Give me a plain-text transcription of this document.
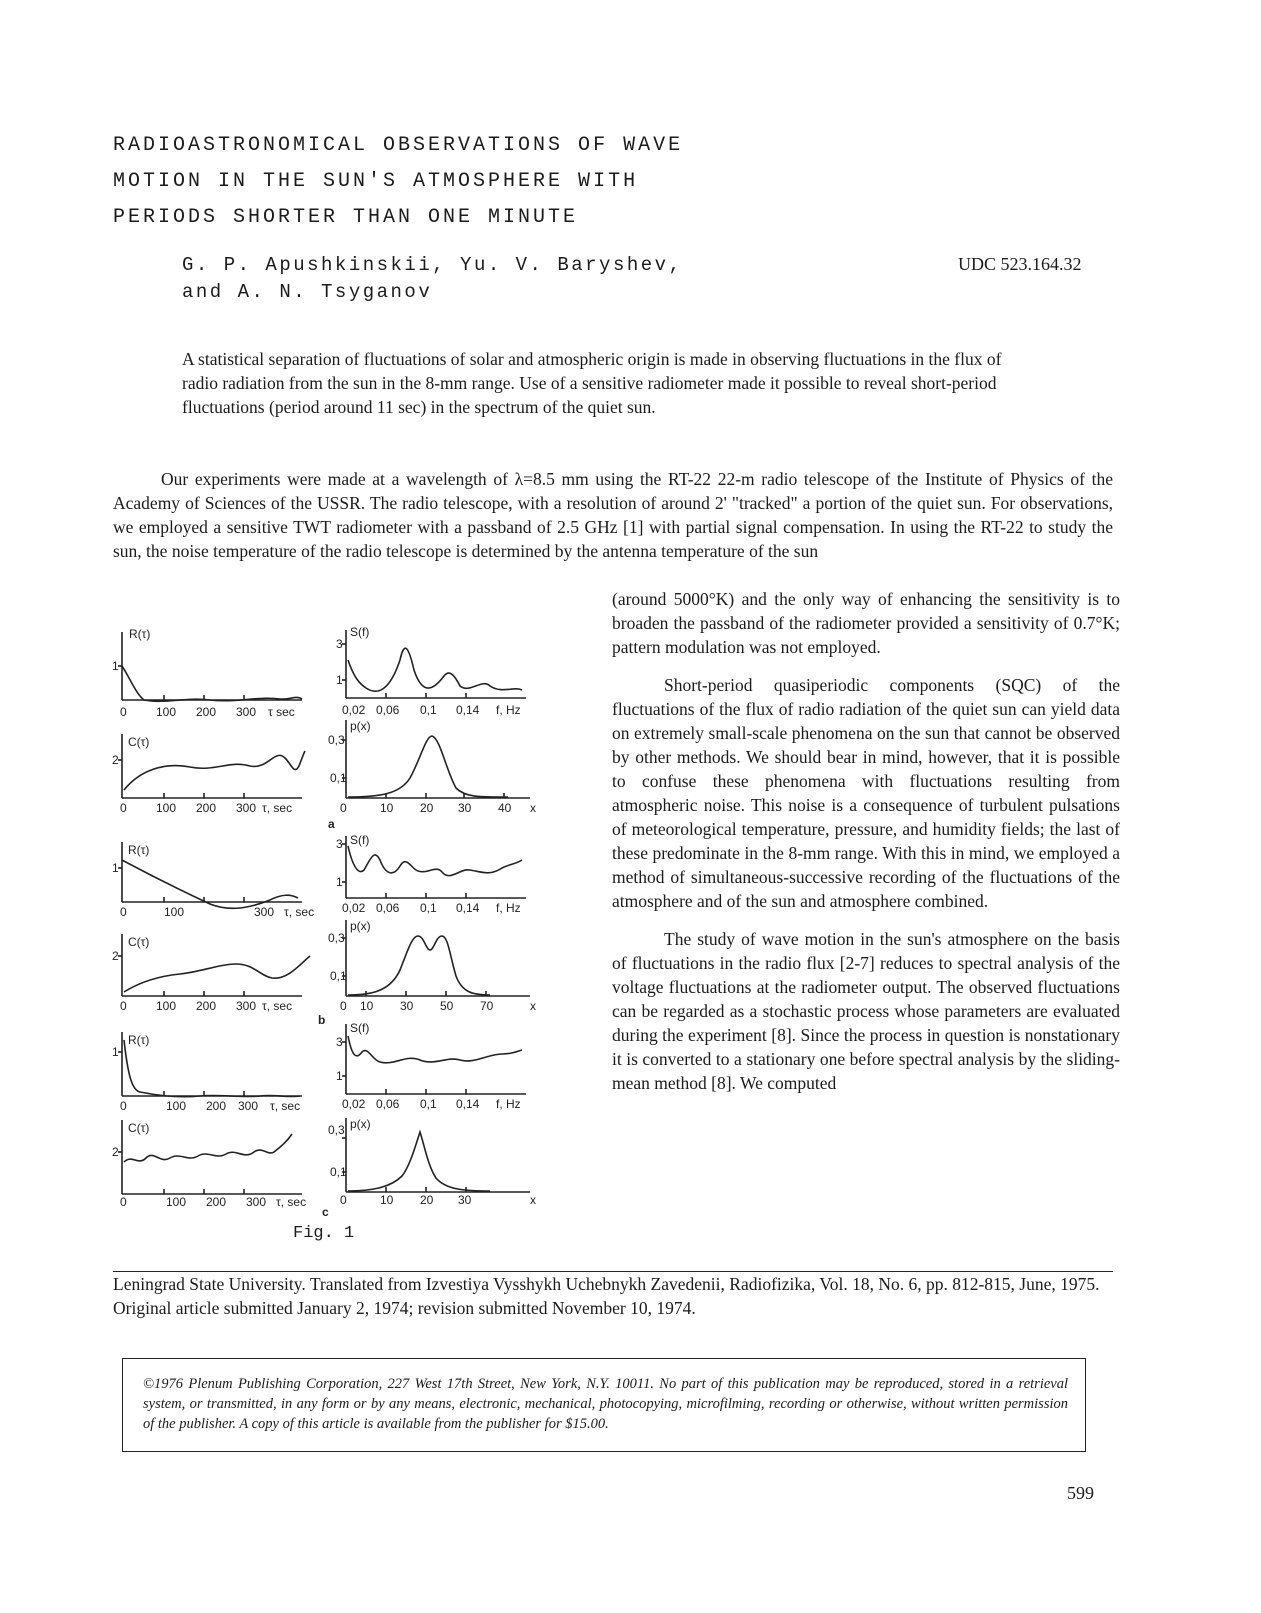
RADIOASTRONOMICAL OBSERVATIONS OF WAVE
MOTION IN THE SUN'S ATMOSPHERE WITH
PERIODS SHORTER THAN ONE MINUTE
G. P. Apushkinskii, Yu. V. Baryshev,
and A. N. Tsyganov
UDC 523.164.32
A statistical separation of fluctuations of solar and atmospheric origin is made in observing fluctuations in the flux of radio radiation from the sun in the 8-mm range. Use of a sensitive radiometer made it possible to reveal short-period fluctuations (period around 11 sec) in the spectrum of the quiet sun.
Our experiments were made at a wavelength of λ=8.5 mm using the RT-22 22-m radio telescope of the Institute of Physics of the Academy of Sciences of the USSR. The radio telescope, with a resolution of around 2' "tracked" a portion of the quiet sun. For observations, we employed a sensitive TWT radiometer with a passband of 2.5 GHz [1] with partial signal compensation. In using the RT-22 to study the sun, the noise temperature of the radio telescope is determined by the antenna temperature of the sun

(around 5000°K) and the only way of enhancing the sensitivity is to broaden the passband of the radiometer provided a sensitivity of 0.7°K; pattern modulation was not employed.

Short-period quasiperiodic components (SQC) of the fluctuations of the flux of radio radiation of the quiet sun can yield data on extremely small-scale phenomena on the sun that cannot be observed by other methods. We should bear in mind, however, that it is possible to confuse these phenomena with fluctuations resulting from atmospheric noise. This noise is a consequence of turbulent pulsations of meteorological temperature, pressure, and humidity fields; the last of these predominate in the 8-mm range. With this in mind, we employed a method of simultaneous-successive recording of the fluctuations of the atmosphere and of the sun and atmosphere combined.

The study of wave motion in the sun's atmosphere on the basis of fluctuations in the radio flux [2-7] reduces to spectral analysis of the voltage fluctuations at the radiometer output. The observed fluctuations can be regarded as a stochastic process whose parameters are evaluated during the experiment [8]. Since the process in question is nonstationary it is converted to a stationary one before spectral analysis by the sliding-mean method [8]. We computed

R(τ)
1
0 100 200 300 τ sec
C(τ)
2
0 100 200 300 τ, sec
S(f)
3
1
0,02 0,06 0,1 0,14 f, Hz
p(x)
0,3
0,1
0	10 20 30 40 x
a
R(τ)
1
0	100	300 τ, sec
C(τ)
2
0 100 200 300 τ, sec
S(f)
3
1
0,02 0,06 0,1 0,14 f, Hz
p(x)
0,3
0,1
0 10 30 50 70	x
b
R(τ)
1
0	100 200 300 τ, sec
C(τ)
2
0	100 200 300 τ, sec
S(f)
3
1
0,02 0,06 0,1 0,14 f, Hz
p(x)
0,3
0,1
0	10 20 30	x
c
Fig. 1
Leningrad State University. Translated from Izvestiya Vysshykh Uchebnykh Zavedenii, Radiofizika, Vol. 18, No. 6, pp. 812-815, June, 1975. Original article submitted January 2, 1974; revision submitted November 10, 1974.
©1976 Plenum Publishing Corporation, 227 West 17th Street, New York, N.Y. 10011. No part of this publication may be reproduced, stored in a retrieval system, or transmitted, in any form or by any means, electronic, mechanical, photocopying, microfilming, recording or otherwise, without written permission of the publisher. A copy of this article is available from the publisher for $15.00.
599
